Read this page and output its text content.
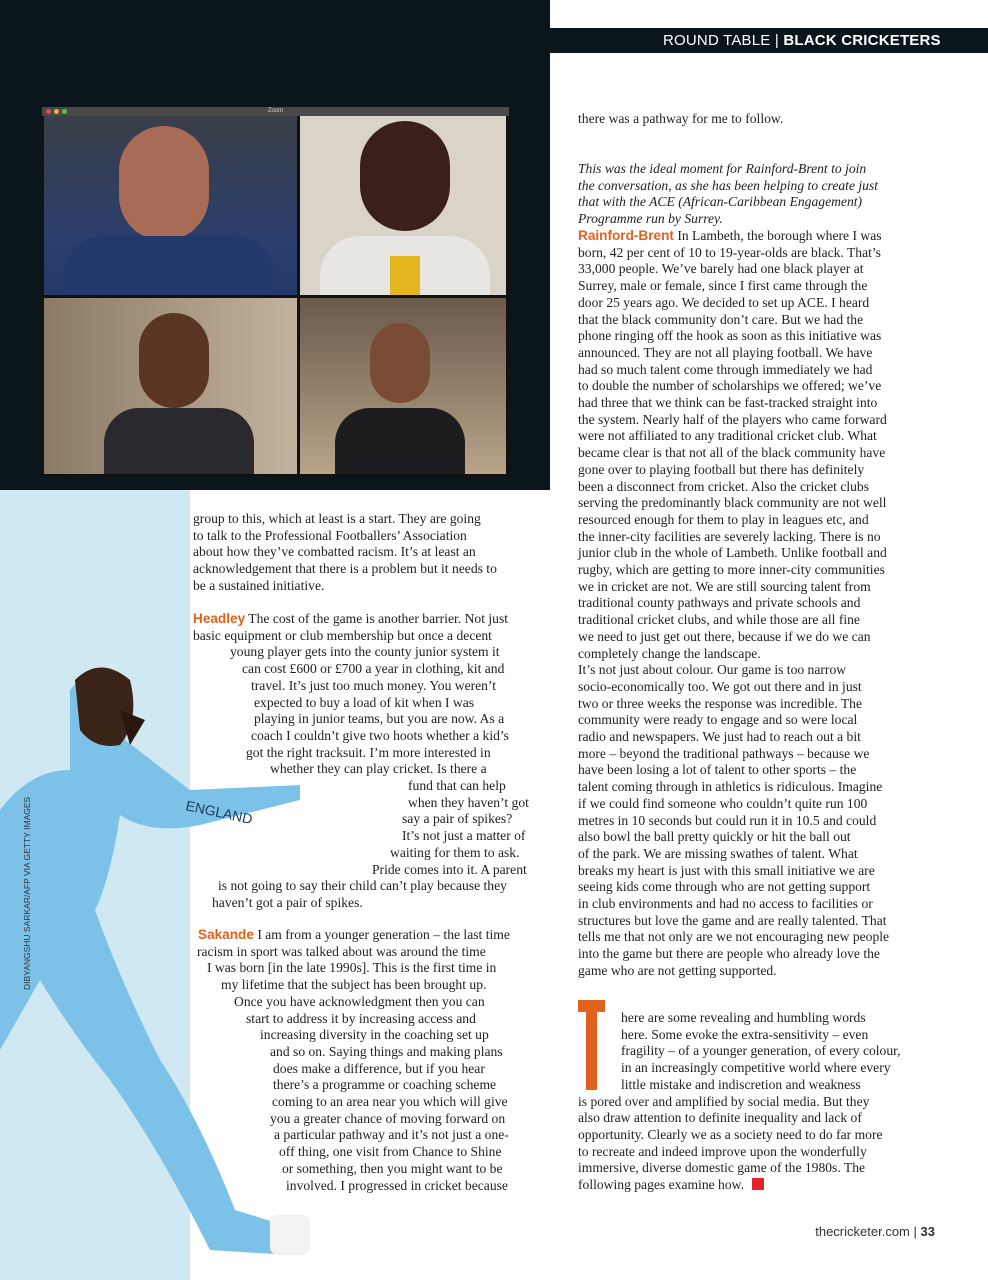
ROUND TABLE | BLACK CRICKETERS
Zoom
ENGLAND
DIBYANGSHU SARKAR/AFP VIA GETTY IMAGES
group to this, which at least is a start. They are going
to talk to the Professional Footballers’ Association
about how they’ve combatted racism. It’s at least an
acknowledgement that there is a problem but it needs to
be a sustained initiative.
Headley The cost of the game is another barrier. Not just
basic equipment or club membership but once a decent
young player gets into the county junior system it
can cost £600 or £700 a year in clothing, kit and
travel. It’s just too much money. You weren’t
expected to buy a load of kit when I was
playing in junior teams, but you are now. As a
coach I couldn’t give two hoots whether a kid’s
got the right tracksuit. I’m more interested in
whether they can play cricket. Is there a
fund that can help
when they haven’t got
say a pair of spikes?
It’s not just a matter of
waiting for them to ask.
Pride comes into it. A parent
is not going to say their child can’t play because they
haven’t got a pair of spikes.
Sakande I am from a younger generation – the last time
racism in sport was talked about was around the time
I was born [in the late 1990s]. This is the first time in
my lifetime that the subject has been brought up.
Once you have acknowledgment then you can
start to address it by increasing access and
increasing diversity in the coaching set up
and so on. Saying things and making plans
does make a difference, but if you hear
there’s a programme or coaching scheme
coming to an area near you which will give
you a greater chance of moving forward on
a particular pathway and it’s not just a one-
off thing, one visit from Chance to Shine
or something, then you might want to be
involved. I progressed in cricket because
there was a pathway for me to follow.
This was the ideal moment for Rainford-Brent to join
the conversation, as she has been helping to create just
that with the ACE (African-Caribbean Engagement)
Programme run by Surrey.
Rainford-Brent In Lambeth, the borough where I was
born, 42 per cent of 10 to 19-year-olds are black. That’s
33,000 people. We’ve barely had one black player at
Surrey, male or female, since I first came through the
door 25 years ago. We decided to set up ACE. I heard
that the black community don’t care. But we had the
phone ringing off the hook as soon as this initiative was
announced. They are not all playing football. We have
had so much talent come through immediately we had
to double the number of scholarships we offered; we’ve
had three that we think can be fast-tracked straight into
the system. Nearly half of the players who came forward
were not affiliated to any traditional cricket club. What
became clear is that not all of the black community have
gone over to playing football but there has definitely
been a disconnect from cricket. Also the cricket clubs
serving the predominantly black community are not well
resourced enough for them to play in leagues etc, and
the inner-city facilities are severely lacking. There is no
junior club in the whole of Lambeth. Unlike football and
rugby, which are getting to more inner-city communities
we in cricket are not. We are still sourcing talent from
traditional county pathways and private schools and
traditional cricket clubs, and while those are all fine
we need to just get out there, because if we do we can
completely change the landscape.
It’s not just about colour. Our game is too narrow
socio-economically too. We got out there and in just
two or three weeks the response was incredible. The
community were ready to engage and so were local
radio and newspapers. We just had to reach out a bit
more – beyond the traditional pathways – because we
have been losing a lot of talent to other sports – the
talent coming through in athletics is ridiculous. Imagine
if we could find someone who couldn’t quite run 100
metres in 10 seconds but could run it in 10.5 and could
also bowl the ball pretty quickly or hit the ball out
of the park. We are missing swathes of talent. What
breaks my heart is just with this small initiative we are
seeing kids come through who are not getting support
in club environments and had no access to facilities or
structures but love the game and are really talented. That
tells me that not only are we not encouraging new people
into the game but there are people who already love the
game who are not getting supported.
here are some revealing and humbling words
here. Some evoke the extra-sensitivity – even
fragility – of a younger generation, of every colour,
in an increasingly competitive world where every
little mistake and indiscretion and weakness
is pored over and amplified by social media. But they
also draw attention to definite inequality and lack of
opportunity. Clearly we as a society need to do far more
to recreate and indeed improve upon the wonderfully
immersive, diverse domestic game of the 1980s. The
following pages examine how.
thecricketer.com | 33
